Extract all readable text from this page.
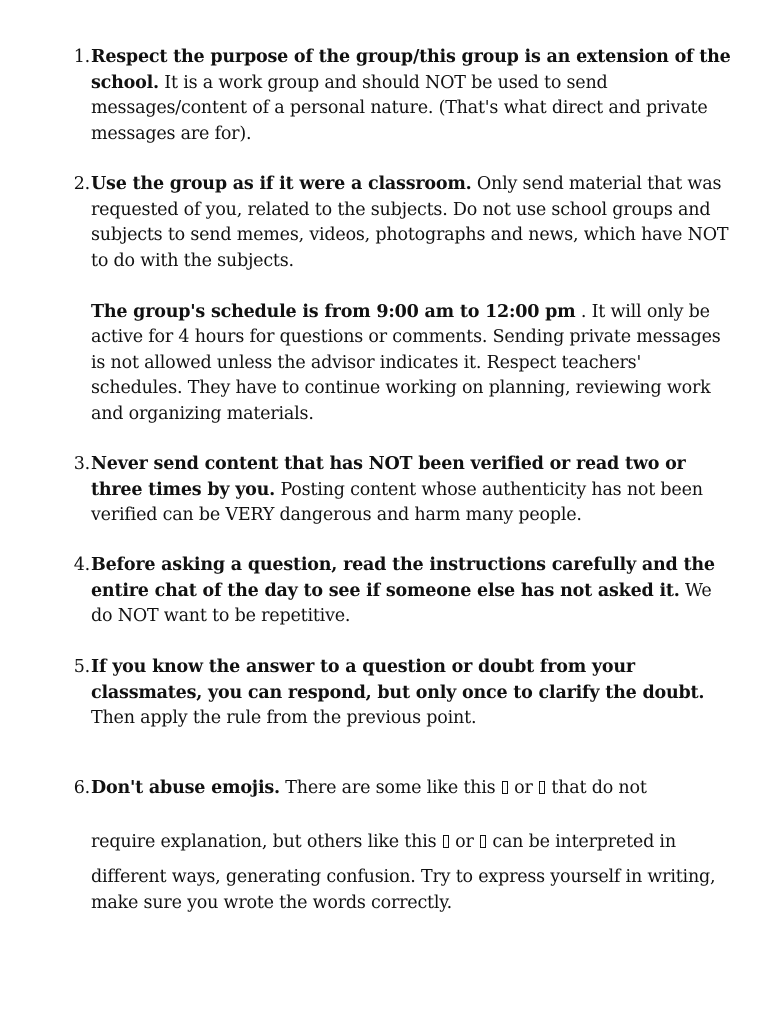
1. Respect the purpose of the group/this group is an extension of the school. It is a work group and should NOT be used to send messages/content of a personal nature. (That's what direct and private messages are for).
2. Use the group as if it were a classroom. Only send material that was requested of you, related to the subjects. Do not use school groups and subjects to send memes, videos, photographs and news, which have NOT to do with the subjects.
The group's schedule is from 9:00 am to 12:00 pm . It will only be active for 4 hours for questions or comments. Sending private messages is not allowed unless the advisor indicates it. Respect teachers' schedules. They have to continue working on planning, reviewing work and organizing materials.
3. Never send content that has NOT been verified or read two or three times by you. Posting content whose authenticity has not been verified can be VERY dangerous and harm many people.
4. Before asking a question, read the instructions carefully and the entire chat of the day to see if someone else has not asked it. We do NOT want to be repetitive.
5. If you know the answer to a question or doubt from your classmates, you can respond, but only once to clarify the doubt. Then apply the rule from the previous point.
6. Don't abuse emojis. There are some like this  or  that do not
require explanation, but others like this  or  can be interpreted in
different ways, generating confusion. Try to express yourself in writing, make sure you wrote the words correctly.
